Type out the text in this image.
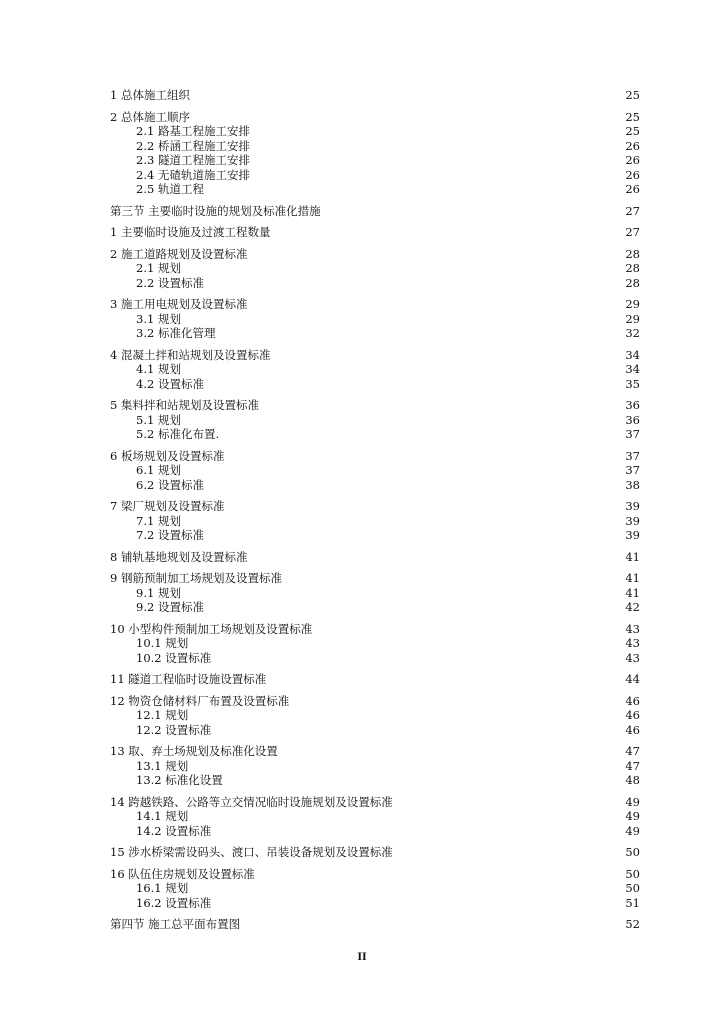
1 总体施工组织	25
2 总体施工顺序	25
2.1 路基工程施工安排	25
2.2 桥涵工程施工安排	26
2.3 隧道工程施工安排	26
2.4 无碴轨道施工安排	26
2.5 轨道工程	26
第三节 主要临时设施的规划及标准化措施	27
1 主要临时设施及过渡工程数量	27
2 施工道路规划及设置标准	28
2.1 规划	28
2.2 设置标准	28
3 施工用电规划及设置标准	29
3.1 规划	29
3.2 标准化管理	32
4 混凝土拌和站规划及设置标准	34
4.1 规划	34
4.2 设置标准	35
5 集料拌和站规划及设置标准	36
5.1 规划	36
5.2 标准化布置.	37
6 板场规划及设置标准	37
6.1 规划	37
6.2 设置标准	38
7 梁厂规划及设置标准	39
7.1 规划	39
7.2 设置标准	39
8 铺轨基地规划及设置标准	41
9 钢筋预制加工场规划及设置标准	41
9.1 规划	41
9.2 设置标准	42
10 小型构件预制加工场规划及设置标准	43
10.1 规划	43
10.2 设置标准	43
11 隧道工程临时设施设置标准	44
12 物资仓储材料厂布置及设置标准	46
12.1 规划	46
12.2 设置标准	46
13 取、弃土场规划及标准化设置	47
13.1 规划	47
13.2 标准化设置	48
14 跨越铁路、公路等立交情况临时设施规划及设置标准	49
14.1 规划	49
14.2 设置标准	49
15 涉水桥梁需设码头、渡口、吊装设备规划及设置标准	50
16 队伍住房规划及设置标准	50
16.1 规划	50
16.2 设置标准	51
第四节 施工总平面布置图	52
II
